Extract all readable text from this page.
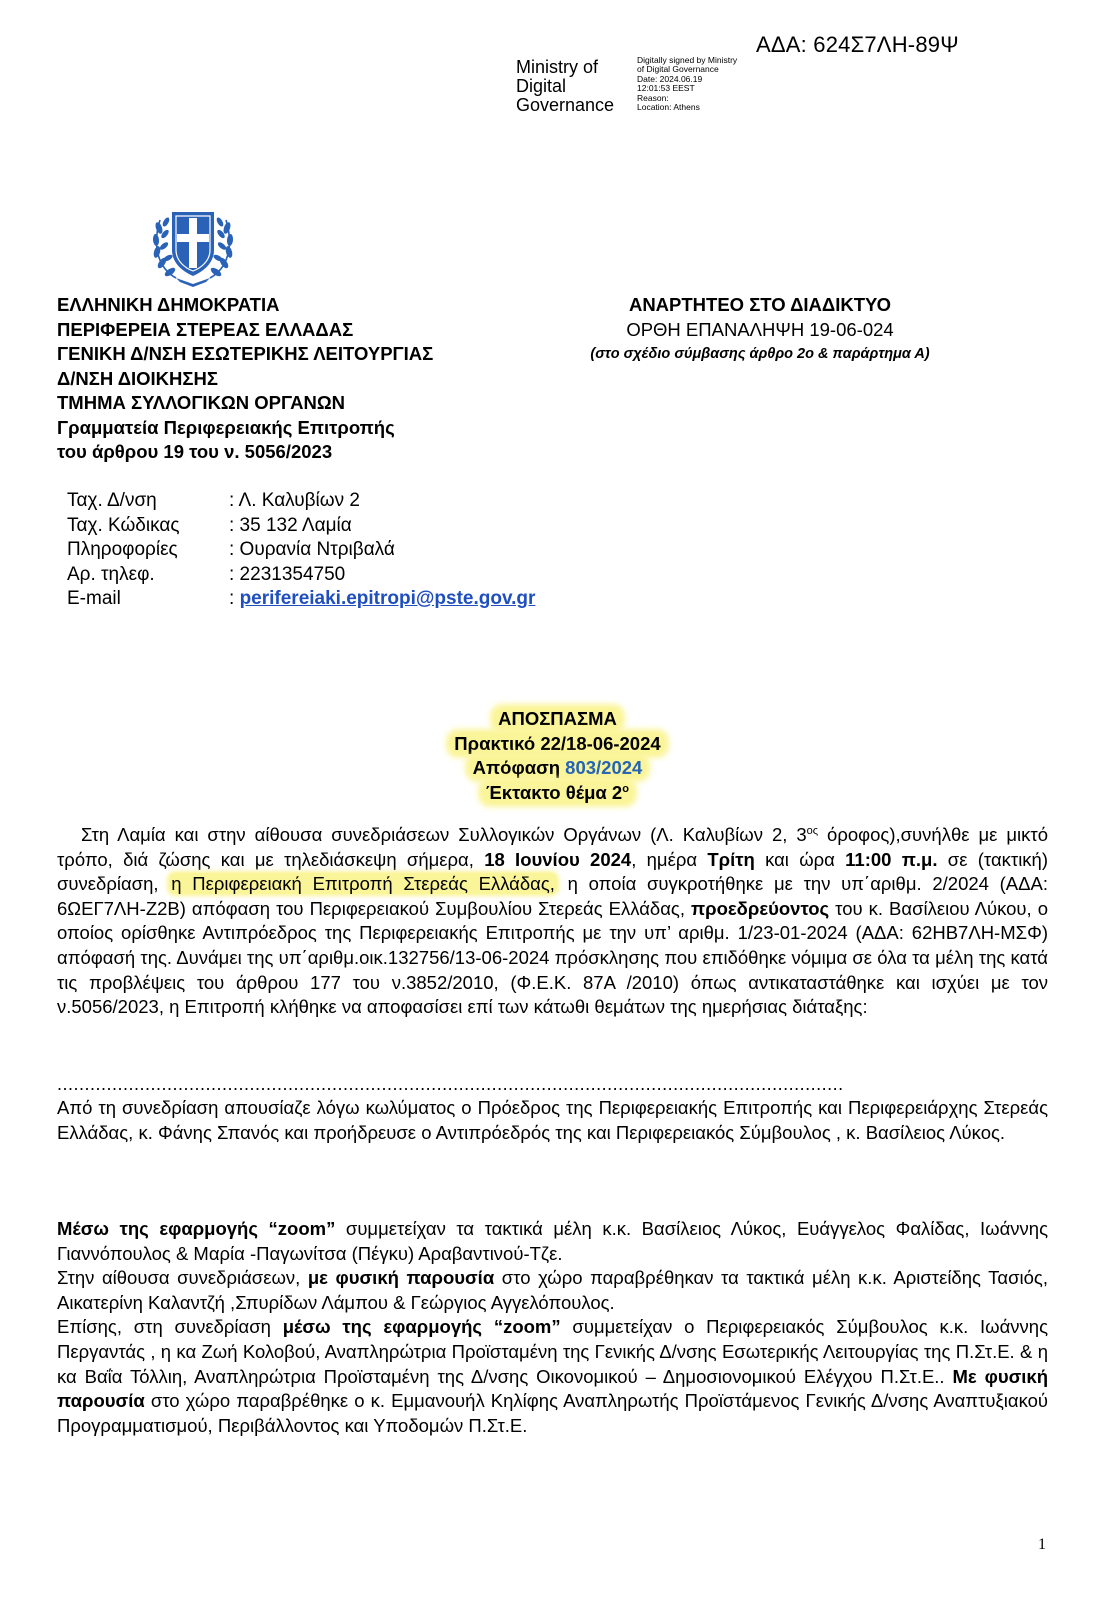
ΑΔΑ: 624Σ7ΛΗ-89Ψ
Ministry of
Digital
Governance
Digitally signed by Ministry
of Digital Governance
Date: 2024.06.19
12:01:53 EEST
Reason:
Location: Athens
ΕΛΛΗΝΙΚΗ ΔΗΜΟΚΡΑΤΙΑ
ΠΕΡΙΦΕΡΕΙΑ ΣΤΕΡΕΑΣ ΕΛΛΑΔΑΣ
ΓΕΝΙΚΗ Δ/ΝΣΗ ΕΣΩΤΕΡΙΚΗΣ ΛΕΙΤΟΥΡΓΙΑΣ
Δ/ΝΣΗ ΔΙΟΙΚΗΣΗΣ
ΤΜΗΜΑ ΣΥΛΛΟΓΙΚΩΝ ΟΡΓΑΝΩΝ
Γραμματεία Περιφερειακής Επιτροπής
του άρθρου 19 του ν. 5056/2023
ΑΝΑΡΤΗΤΕΟ ΣΤΟ ΔΙΑΔΙΚΤΥΟ
ΟΡΘΗ ΕΠΑΝΑΛΗΨΗ 19-06-024
(στο σχέδιο σύμβασης άρθρο 2ο & παράρτημα Α)
Ταχ. Δ/νση	: Λ. Καλυβίων 2
Ταχ. Κώδικας	: 35 132 Λαμία
Πληροφορίες	: Ουρανία Ντριβαλά
Αρ. τηλεφ.	: 2231354750
E-mail	: perifereiaki.epitropi@pste.gov.gr
ΑΠΟΣΠΑΣΜΑ
Πρακτικό 22/18-06-2024
Απόφαση 803/2024
Έκτακτο θέμα $2^o$

Στη Λαμία και στην αίθουσα συνεδριάσεων Συλλογικών Οργάνων (Λ. Καλυβίων 2, $3^{o\varsigma}$ όροφος),συνήλθε με μικτό τρόπο, διά ζώσης και με τηλεδιάσκεψη σήμερα, 18 Ιουνίου 2024, ημέρα Τρίτη και ώρα 11:00 π.μ. σε (τακτική) συνεδρίαση, η Περιφερειακή Επιτροπή Στερεάς Ελλάδας, η οποία συγκροτήθηκε με την υπ΄αριθμ. 2/2024 (ΑΔΑ: 6ΩΕΓ7ΛΗ-Ζ2Β) απόφαση του Περιφερειακού Συμβουλίου Στερεάς Ελλάδας, προεδρεύοντος του κ. Βασίλειου Λύκου, ο οποίος ορίσθηκε Αντιπρόεδρος της Περιφερειακής Επιτροπής με την υπ’ αριθμ. 1/23-01-2024 (ΑΔΑ: 62ΗΒ7ΛΗ-ΜΣΦ) απόφασή της. Δυνάμει της υπ΄αριθμ.οικ.132756/13-06-2024 πρόσκλησης που επιδόθηκε νόμιμα σε όλα τα μέλη της κατά τις προβλέψεις του άρθρου 177 του ν.3852/2010, (Φ.Ε.Κ. 87Α /2010) όπως αντικαταστάθηκε και ισχύει με τον ν.5056/2023, η Επιτροπή κλήθηκε να αποφασίσει επί των κάτωθι θεμάτων της ημερήσιας διάταξης:

...............................................................................................................................................

Από τη συνεδρίαση απουσίαζε λόγω κωλύματος ο Πρόεδρος της Περιφερειακής Επιτροπής και Περιφερειάρχης Στερεάς Ελλάδας, κ. Φάνης Σπανός και προήδρευσε ο Αντιπρόεδρός της και Περιφερειακός Σύμβουλος , κ. Βασίλειος Λύκος.

Μέσω της εφαρμογής “zoom” συμμετείχαν τα τακτικά μέλη κ.κ. Βασίλειος Λύκος, Ευάγγελος Φαλίδας, Ιωάννης Γιαννόπουλος & Μαρία -Παγωνίτσα (Πέγκυ) Αραβαντινού-Τζε.

Στην αίθουσα συνεδριάσεων, με φυσική παρουσία στο χώρο παραβρέθηκαν τα τακτικά μέλη κ.κ. Αριστείδης Τασιός, Αικατερίνη Καλαντζή ,Σπυρίδων Λάμπου & Γεώργιος Αγγελόπουλος.

Επίσης, στη συνεδρίαση μέσω της εφαρμογής “zoom” συμμετείχαν ο Περιφερειακός Σύμβουλος κ.κ. Ιωάννης Περγαντάς , η κα Ζωή Κολοβού, Αναπληρώτρια Προϊσταμένη της Γενικής Δ/νσης Εσωτερικής Λειτουργίας της Π.Στ.Ε. & η κα Βαΐα Τόλλιη, Αναπληρώτρια Προϊσταμένη της Δ/νσης Οικονομικού – Δημοσιονομικού Ελέγχου Π.Στ.Ε.. Με φυσική παρουσία στο χώρο παραβρέθηκε ο κ. Εμμανουήλ Κηλίφης Αναπληρωτής Προϊστάμενος Γενικής Δ/νσης Αναπτυξιακού Προγραμματισμού, Περιβάλλοντος και Υποδομών Π.Στ.Ε.

1
